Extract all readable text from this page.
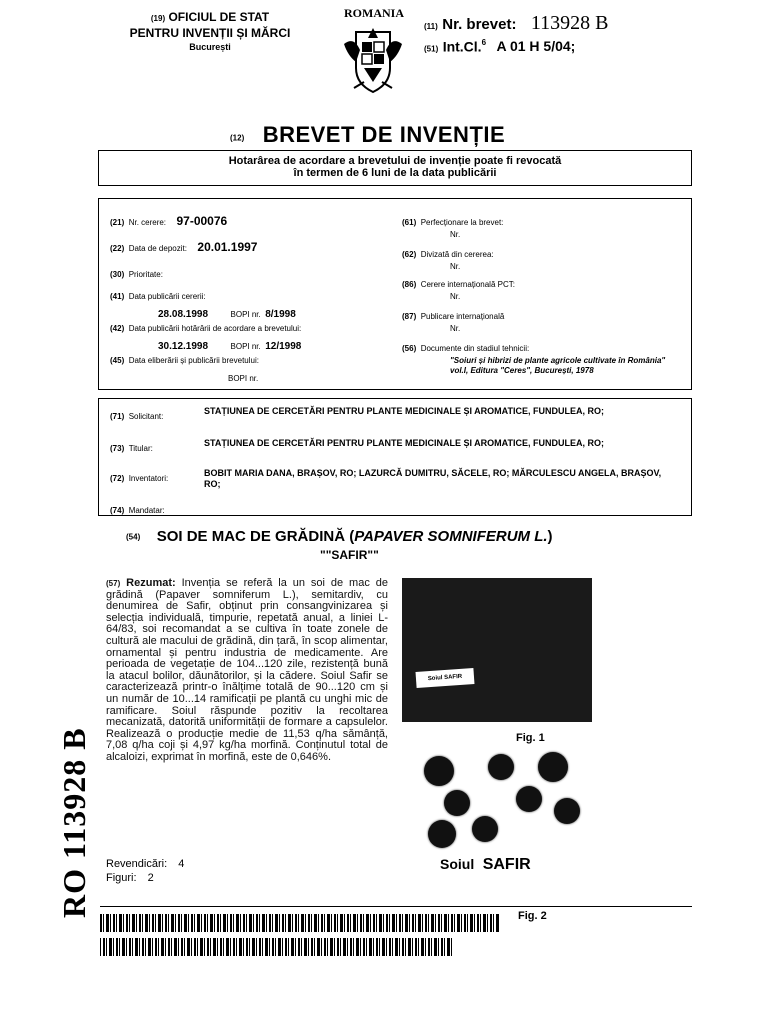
(19) OFICIUL DE STAT
PENTRU INVENȚII ȘI MĂRCI
București
ROMANIA
(11) Nr. brevet: 113928 B
(51) Int.Cl.$^6$ A 01 H 5/04;
(12) BREVET DE INVENȚIE
Hotarârea de acordare a brevetului de invenție poate fi revocată
în termen de 6 luni de la data publicării
(21) Nr. cerere: 97-00076
(22) Data de depozit: 20.01.1997
(30) Prioritate:
(41) Data publicării cererii:
28.08.1998	BOPI nr. 8/1998
(42) Data publicării hotărârii de acordare a brevetului:
30.12.1998	BOPI nr. 12/1998
(45) Data eliberării și publicării brevetului:
BOPI nr.
(61) Perfecționare la brevet:
Nr.
(62) Divizată din cererea:
Nr.
(86) Cerere internațională PCT:
Nr.
(87) Publicare internațională
Nr.
(56) Documente din stadiul tehnicii:
"Soiuri și hibrizi de plante agricole cultivate în România" vol.I, Editura "Ceres", București, 1978
(71) Solicitant:
STAȚIUNEA DE CERCETĂRI PENTRU PLANTE MEDICINALE ȘI AROMATICE, FUNDULEA, RO;
(73) Titular:
STAȚIUNEA DE CERCETĂRI PENTRU PLANTE MEDICINALE ȘI AROMATICE, FUNDULEA, RO;
(72) Inventatori:
BOBIT MARIA DANA, BRAȘOV, RO; LAZURCĂ DUMITRU, SĂCELE, RO; MĂRCULESCU ANGELA, BRAȘOV, RO;
(74) Mandatar:
(54) SOI DE MAC DE GRĂDINĂ (PAPAVER SOMNIFERUM L.)
""SAFIR""
(57) Rezumat: Invenția se referă la un soi de mac de grădină (Papaver somniferum L.), semitardiv, cu denumirea de Safir, obținut prin consangvinizarea și selecția individuală, timpurie, repetată anual, a liniei L-64/83, soi recomandat a se cultiva în toate zonele de cultură ale macului de grădină, din țară, în scop alimentar, ornamental și pentru industria de medicamente. Are perioada de vegetație de 104...120 zile, rezistență bună la atacul bolilor, dăunătorilor, și la cădere. Soiul Safir se caracterizează printr-o înălțime totală de 90...120 cm și un număr de 10...14 ramificații pe plantă cu unghi mic de ramificare. Soiul răspunde pozitiv la recoltarea mecanizată, datorită uniformității de formare a capsulelor. Realizează o producție medie de 11,53 q/ha sămânță, 7,08 q/ha coji și 4,97 kg/ha morfină. Conținutul total de alcaloizi, exprimat în morfină, este de 0,646%.
Revendicări: 4
Figuri: 2
Soiul SAFIR
Fig. 1
Soiul SAFIR
Fig. 2
RO 113928 B
